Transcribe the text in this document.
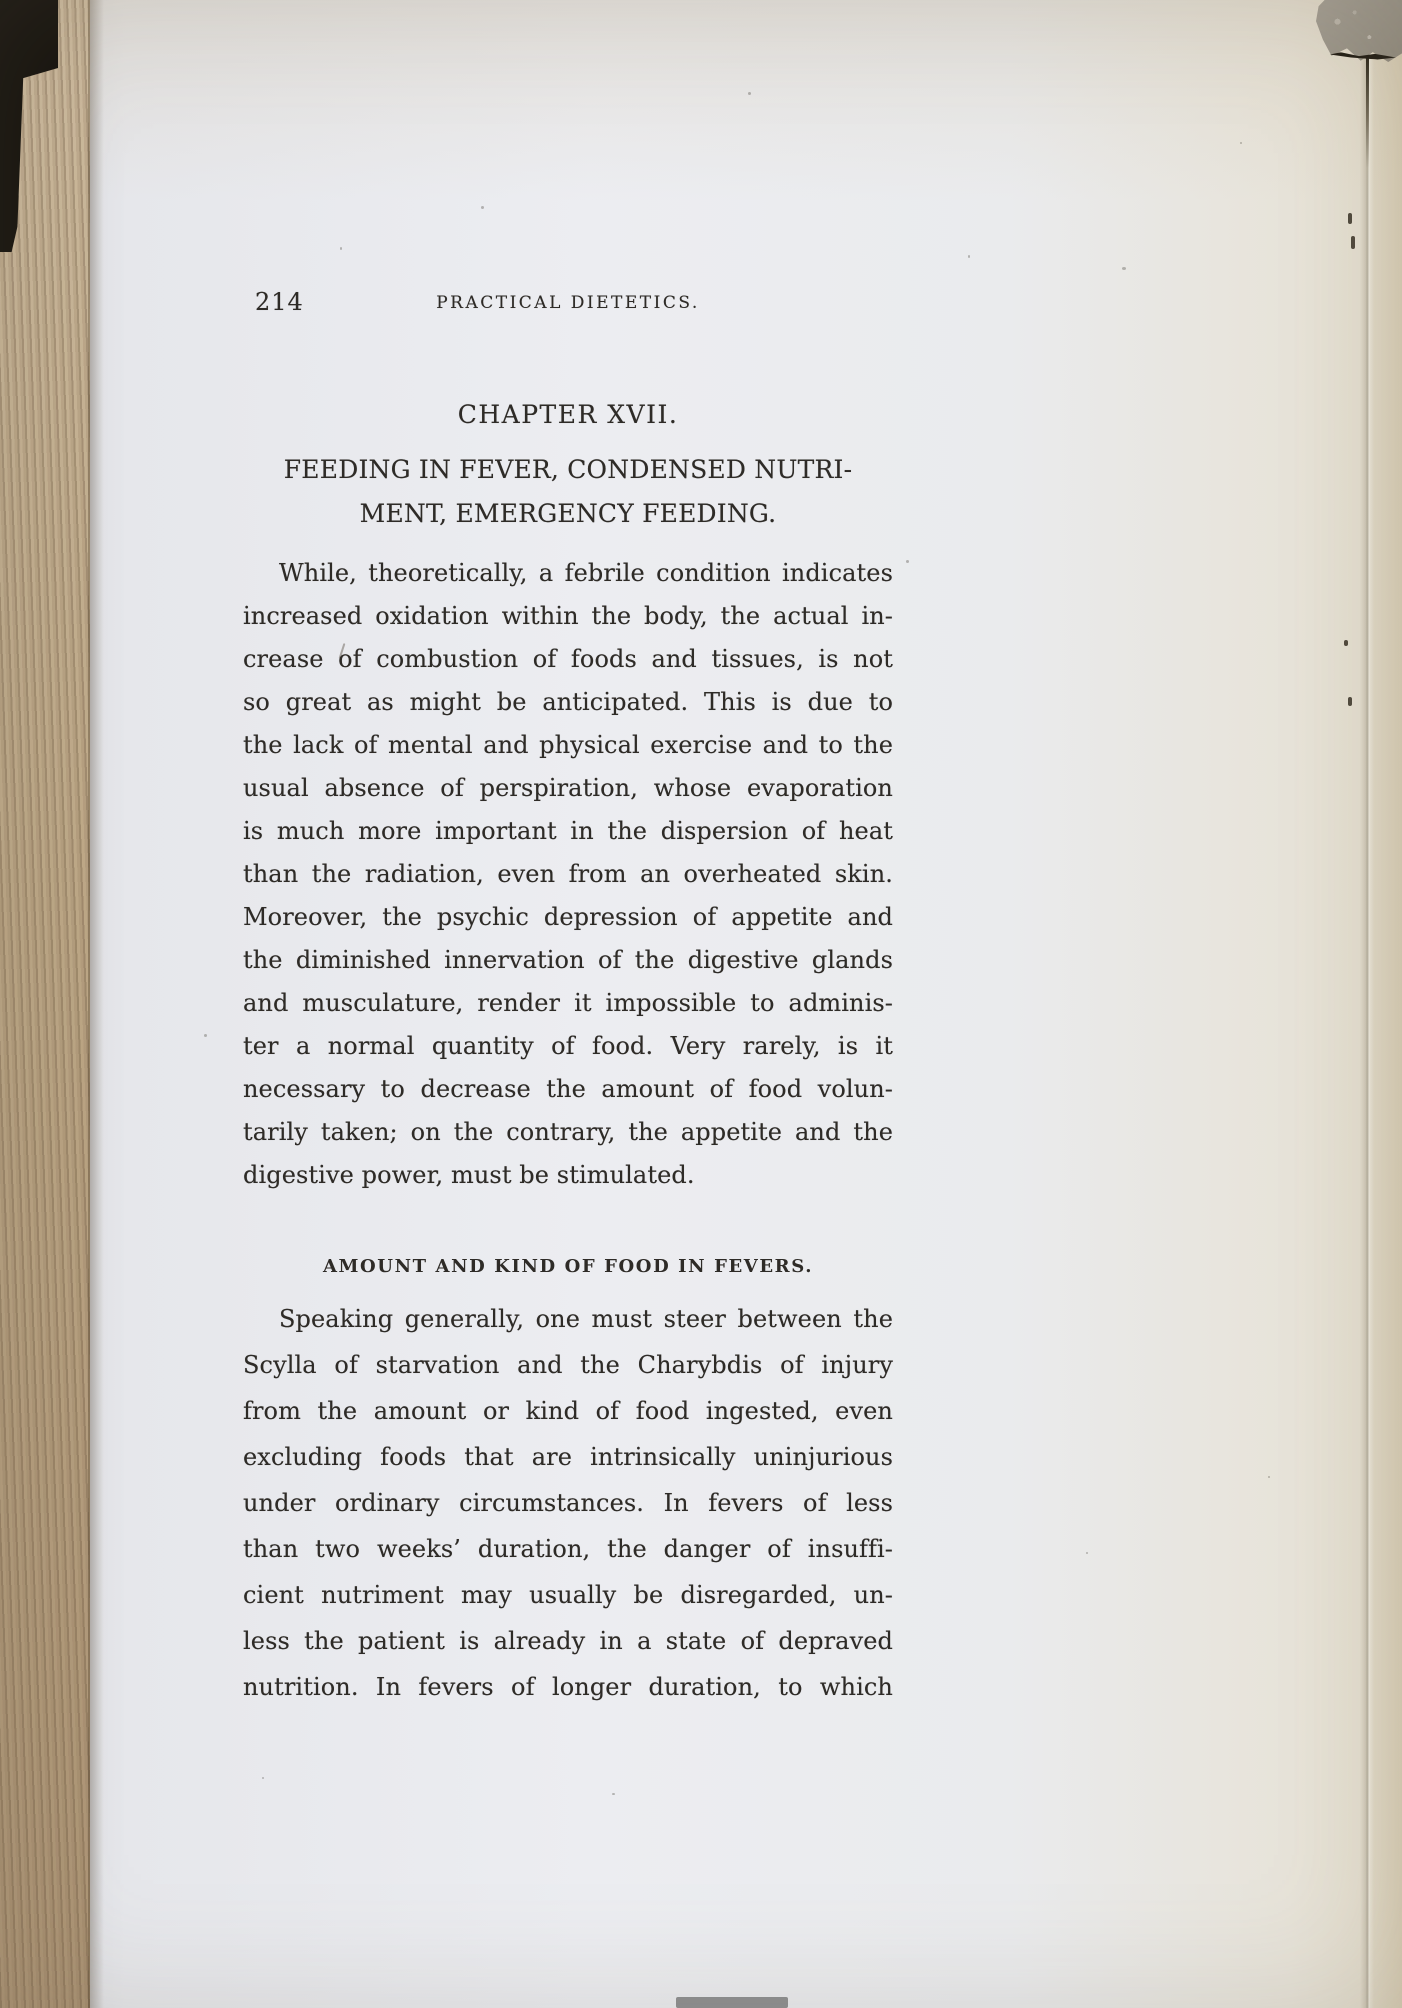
214	PRACTICAL DIETETICS.
CHAPTER XVII.
FEEDING IN FEVER, CONDENSED NUTRI-
MENT, EMERGENCY FEEDING.
While, theoretically, a febrile condition indicates
increased oxidation within the body, the actual in-
crease of combustion of foods and tissues, is not
so great as might be anticipated. This is due to
the lack of mental and physical exercise and to the
usual absence of perspiration, whose evaporation
is much more important in the dispersion of heat
than the radiation, even from an overheated skin.
Moreover, the psychic depression of appetite and
the diminished innervation of the digestive glands
and musculature, render it impossible to adminis-
ter a normal quantity of food. Very rarely, is it
necessary to decrease the amount of food volun-
tarily taken; on the contrary, the appetite and the
digestive power, must be stimulated.
AMOUNT AND KIND OF FOOD IN FEVERS.
Speaking generally, one must steer between the
Scylla of starvation and the Charybdis of injury
from the amount or kind of food ingested, even
excluding foods that are intrinsically uninjurious
under ordinary circumstances. In fevers of less
than two weeks’ duration, the danger of insuffi-
cient nutriment may usually be disregarded, un-
less the patient is already in a state of depraved
nutrition. In fevers of longer duration, to which
